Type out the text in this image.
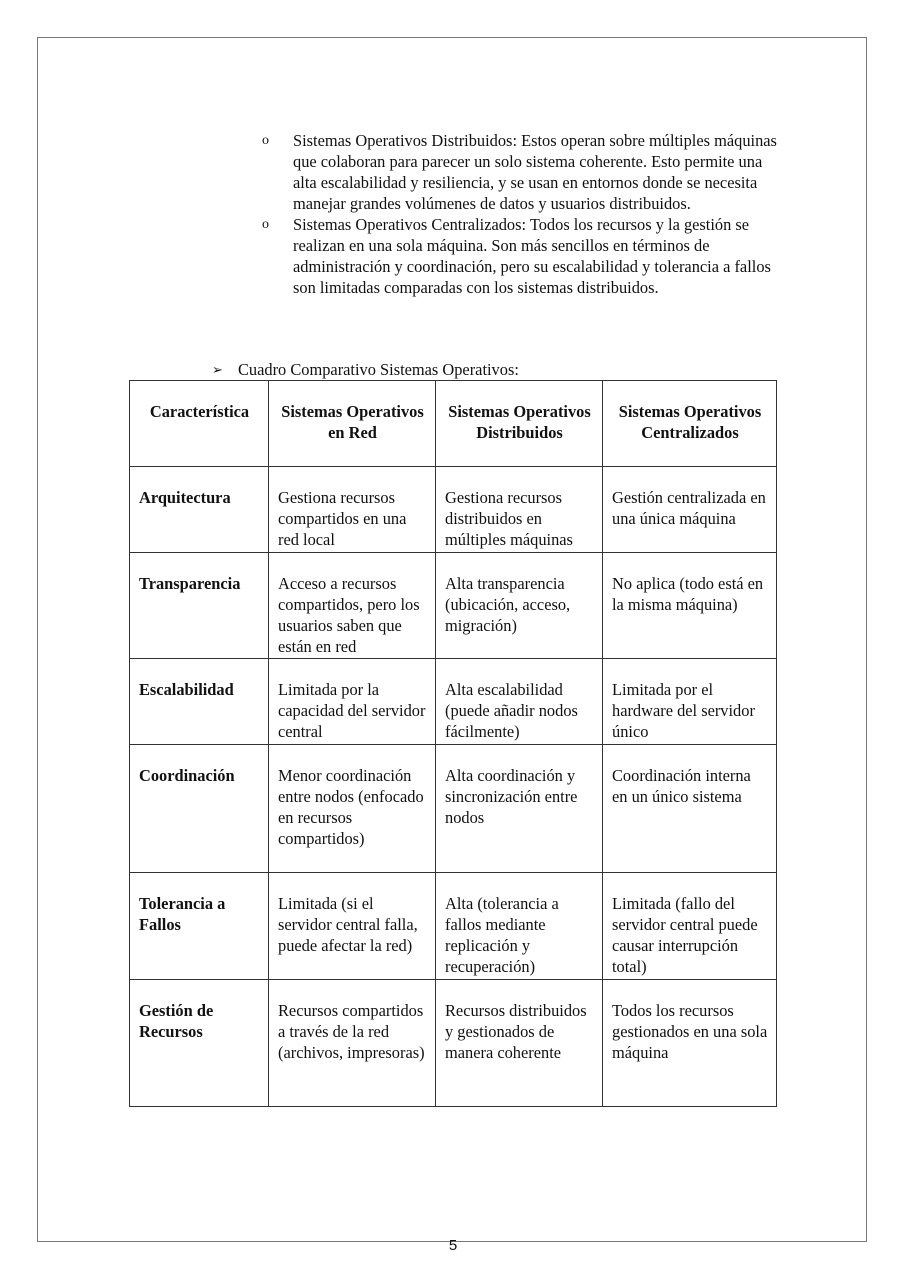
o	Sistemas Operativos Distribuidos: Estos operan sobre múltiples máquinas que colaboran para parecer un solo sistema coherente. Esto permite una alta escalabilidad y resiliencia, y se usan en entornos donde se necesita manejar grandes volúmenes de datos y usuarios distribuidos.
o	Sistemas Operativos Centralizados: Todos los recursos y la gestión se realizan en una sola máquina. Son más sencillos en términos de administración y coordinación, pero su escalabilidad y tolerancia a fallos son limitadas comparadas con los sistemas distribuidos.
➢ Cuadro Comparativo Sistemas Operativos:
Característica	Sistemas Operativos en Red	Sistemas Operativos Distribuidos	Sistemas Operativos Centralizados
Arquitectura	Gestiona recursos compartidos en una red local	Gestiona recursos distribuidos en múltiples máquinas	Gestión centralizada en una única máquina
Transparencia	Acceso a recursos compartidos, pero los usuarios saben que están en red	Alta transparencia (ubicación, acceso, migración)	No aplica (todo está en la misma máquina)
Escalabilidad	Limitada por la capacidad del servidor central	Alta escalabilidad (puede añadir nodos fácilmente)	Limitada por el hardware del servidor único
Coordinación	Menor coordinación entre nodos (enfocado en recursos compartidos)	Alta coordinación y sincronización entre nodos	Coordinación interna en un único sistema
Tolerancia a Fallos	Limitada (si el servidor central falla, puede afectar la red)	Alta (tolerancia a fallos mediante replicación y recuperación)	Limitada (fallo del servidor central puede causar interrupción total)
Gestión de Recursos	Recursos compartidos a través de la red (archivos, impresoras)	Recursos distribuidos y gestionados de manera coherente	Todos los recursos gestionados en una sola máquina
5
